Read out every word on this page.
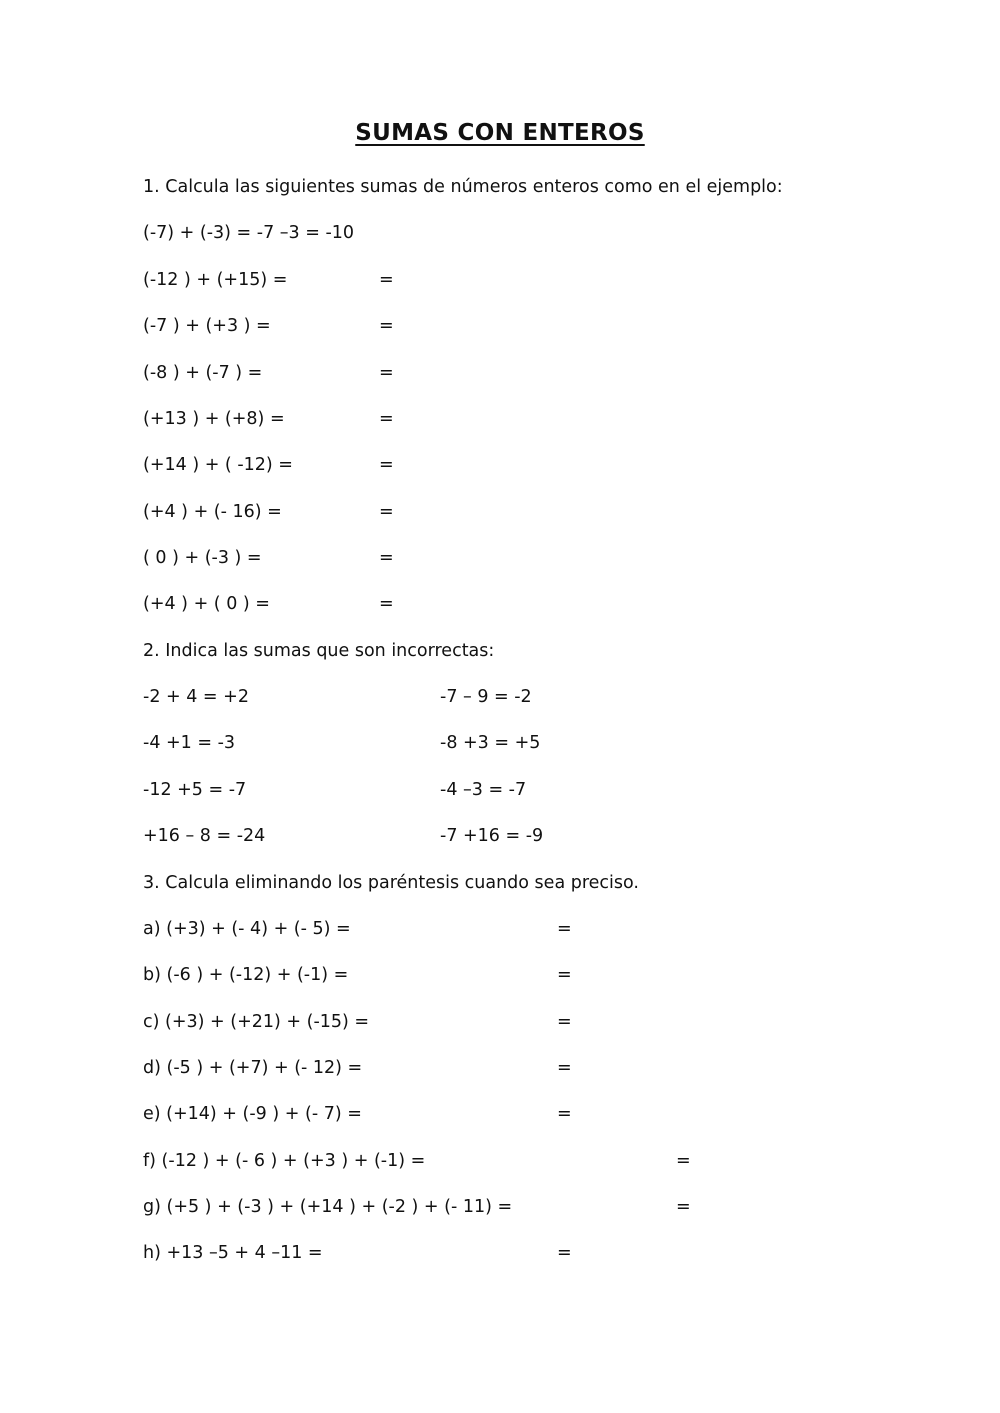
SUMAS CON ENTEROS
1. Calcula las siguientes sumas de números enteros como en el ejemplo:
(-7) + (-3) = -7 –3 = -10
(-12 ) + (+15) =	=
(-7 ) + (+3 ) =	=
(-8 ) + (-7 ) =	=
(+13 ) + (+8) =	=
(+14 ) + ( -12) =	=
(+4 ) + (- 16) =	=
( 0 ) + (-3 ) =	=
(+4 ) + ( 0 ) =	=
2. Indica las sumas que son incorrectas:
-2 + 4 = +2	-7 – 9 = -2
-4 +1 = -3	-8 +3 = +5
-12 +5 = -7	-4 –3 = -7
+16 – 8 = -24	-7 +16 = -9
3. Calcula eliminando los paréntesis cuando sea preciso.
a) (+3) + (- 4) + (- 5) =	=
b) (-6 ) + (-12) + (-1) =	=
c) (+3) + (+21) + (-15) =	=
d) (-5 ) + (+7) + (- 12) =	=
e) (+14) + (-9 ) + (- 7) =	=
f) (-12 ) + (- 6 ) + (+3 ) + (-1) =	=
g) (+5 ) + (-3 ) + (+14 ) + (-2 ) + (- 11) =	=
h) +13 –5 + 4 –11 =	=
